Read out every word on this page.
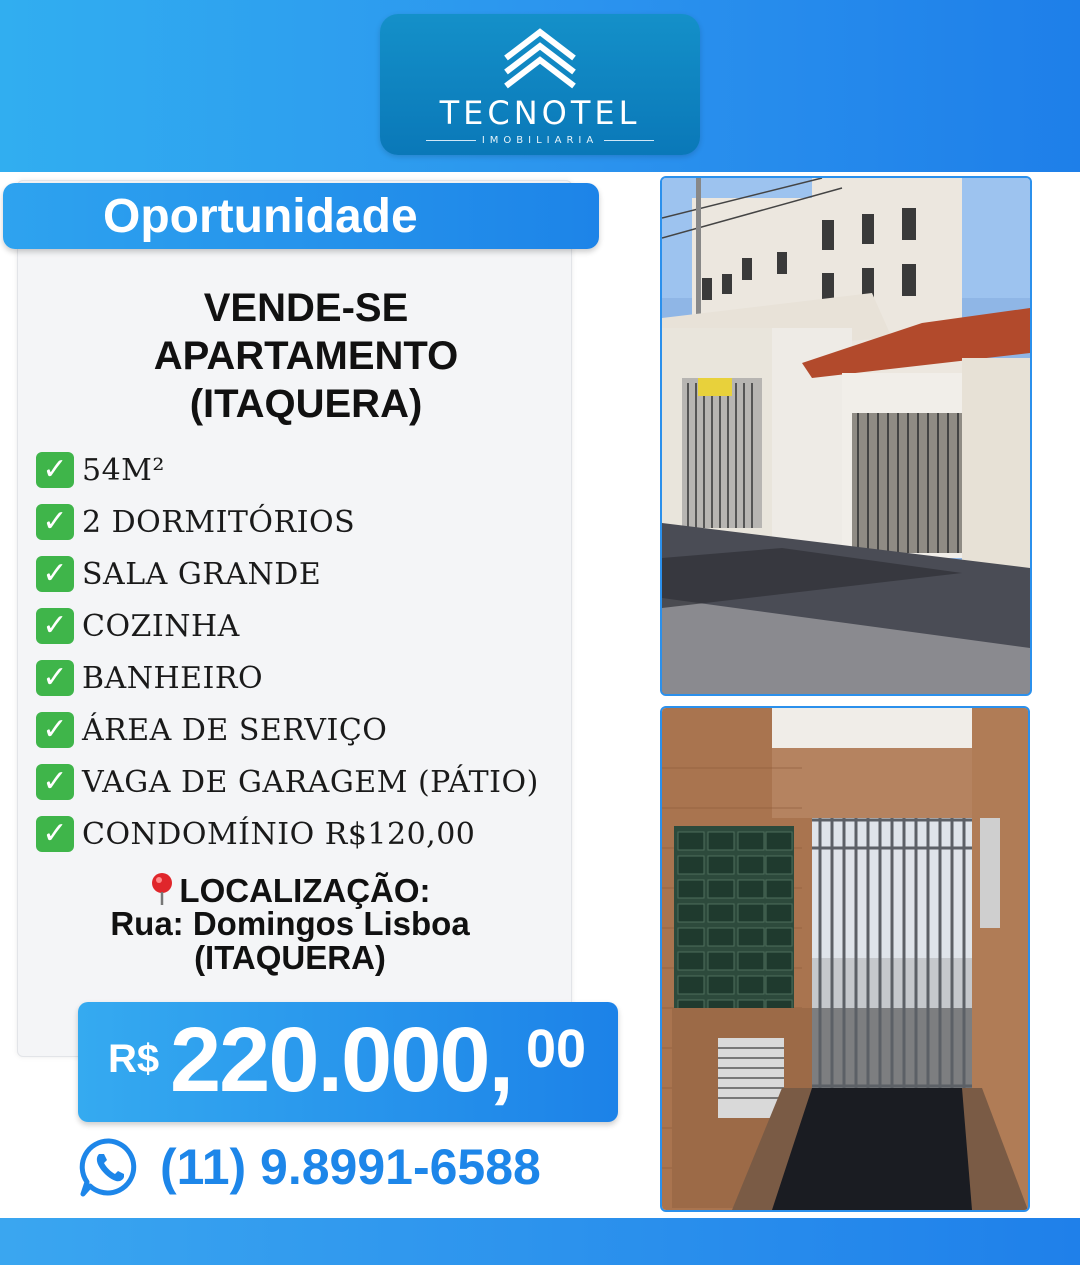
TECNOTEL
IMOBILIARIA
Oportunidade
VENDE-SE
APARTAMENTO
(ITAQUERA)
✓ 54M²
✓ 2 DORMITÓRIOS
✓ SALA GRANDE
✓ COZINHA
✓ BANHEIRO
✓ ÁREA DE SERVIÇO
✓ VAGA DE GARAGEM (PÁTIO)
✓ CONDOMÍNIO R$120,00
LOCALIZAÇÃO:
Rua: Domingos Lisboa
(ITAQUERA)
R$ 220.000, 00
(11) 9.8991-6588
